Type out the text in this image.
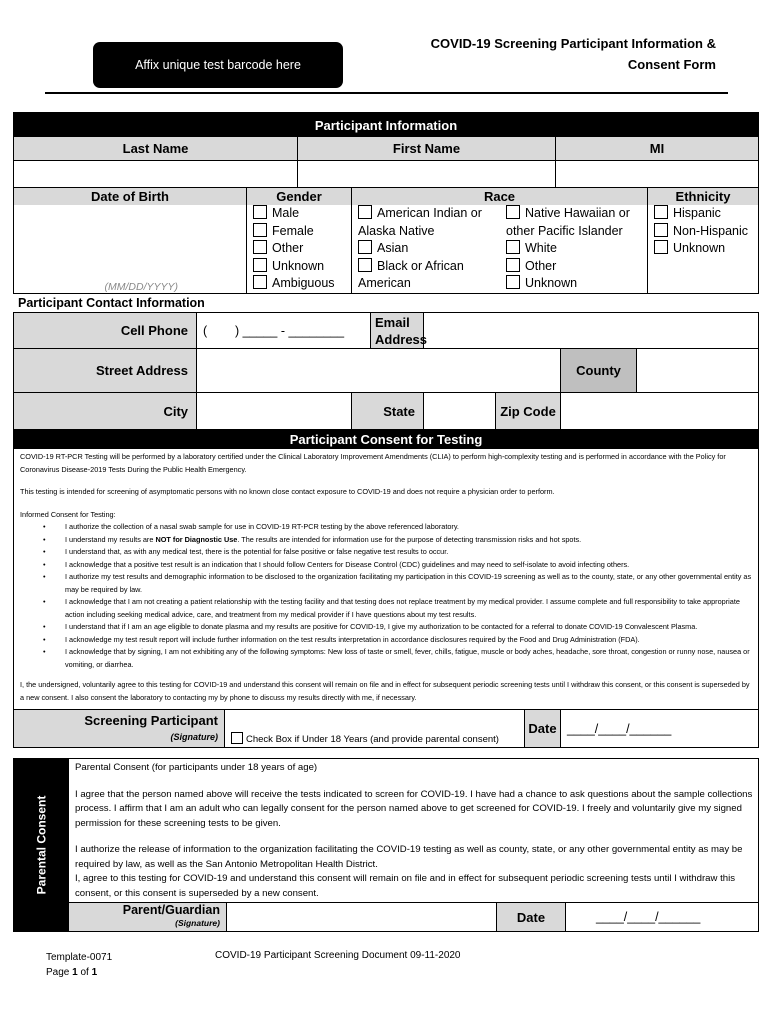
Affix unique test barcode here
COVID-19 Screening Participant Information &
Consent Form
Participant Information
Last Name	First Name	MI
Date of Birth	Gender	Race	Ethnicity
(MM/DD/YYYY)
Male
Female
Other
Unknown
Ambiguous
American Indian or
Alaska Native
Asian
Black or African
American
Native Hawaiian or
other Pacific Islander
White
Other
Unknown
Hispanic
Non-Hispanic
Unknown
Participant Contact Information
Cell Phone (        ) _____ - ________
Email
Address
Street Address	County
City	State	Zip Code
Participant Consent for Testing
COVID-19 RT-PCR Testing will be performed by a laboratory certified under the Clinical Laboratory Improvement Amendments (CLIA) to perform high-complexity testing and is performed in accordance with the Policy for Coronavirus Disease-2019 Tests During the Public Health Emergency.
This testing is intended for screening of asymptomatic persons with no known close contact exposure to COVID-19 and does not require a physician order to perform.
Informed Consent for Testing:
• I authorize the collection of a nasal swab sample for use in COVID-19 RT-PCR testing by the above referenced laboratory.
• I understand my results are NOT for Diagnostic Use. The results are intended for information use for the purpose of detecting transmission risks and hot spots.
• I understand that, as with any medical test, there is the potential for false positive or false negative test results to occur.
• I acknowledge that a positive test result is an indication that I should follow Centers for Disease Control (CDC) guidelines and may need to self-isolate to avoid infecting others.
• I authorize my test results and demographic information to be disclosed to the organization facilitating my participation in this COVID-19 screening as well as to the county, state, or any other governmental entity as may be required by law.
• I acknowledge that I am not creating a patient relationship with the testing facility and that testing does not replace treatment by my medical provider. I assume complete and full responsibility to take appropriate action including seeking medical advice, care, and treatment from my medical provider if I have questions about my test results.
• I understand that if I am an age eligible to donate plasma and my results are positive for COVID-19, I give my authorization to be contacted for a referral to donate COVID-19 Convalescent Plasma.
• I acknowledge my test result report will include further information on the test results interpretation in accordance disclosures required by the Food and Drug Administration (FDA).
• I acknowledge that by signing, I am not exhibiting any of the following symptoms: New loss of taste or smell, fever, chills, fatigue, muscle or body aches, headache, sore throat, congestion or runny nose, nausea or vomiting, or diarrhea.
I, the undersigned, voluntarily agree to this testing for COVID-19 and understand this consent will remain on file and in effect for subsequent periodic screening tests until I withdraw this consent, or this consent is superseded by a new consent. I also consent the laboratory to contacting my by phone to discuss my results directly with me, if necessary.
Screening Participant
(Signature)	Check Box if Under 18 Years (and provide parental consent)
Date ____/____/______
Parental Consent
Parental Consent (for participants under 18 years of age)
I agree that the person named above will receive the tests indicated to screen for COVID-19. I have had a chance to ask questions about the sample collections process. I affirm that I am an adult who can legally consent for the person named above to get screened for COVID-19. I freely and voluntarily give my signed permission for these screening tests to be given.
I authorize the release of information to the organization facilitating the COVID-19 testing as well as county, state, or any other governmental entity as may be required by law, as well as the San Antonio Metropolitan Health District.
I, agree to this testing for COVID-19 and understand this consent will remain on file and in effect for subsequent periodic screening tests until I withdraw this consent, or this consent is superseded by a new consent.
Parent/Guardian
(Signature)	Date	____/____/______
Template-0071
Page 1 of 1
COVID-19 Participant Screening Document 09-11-2020
